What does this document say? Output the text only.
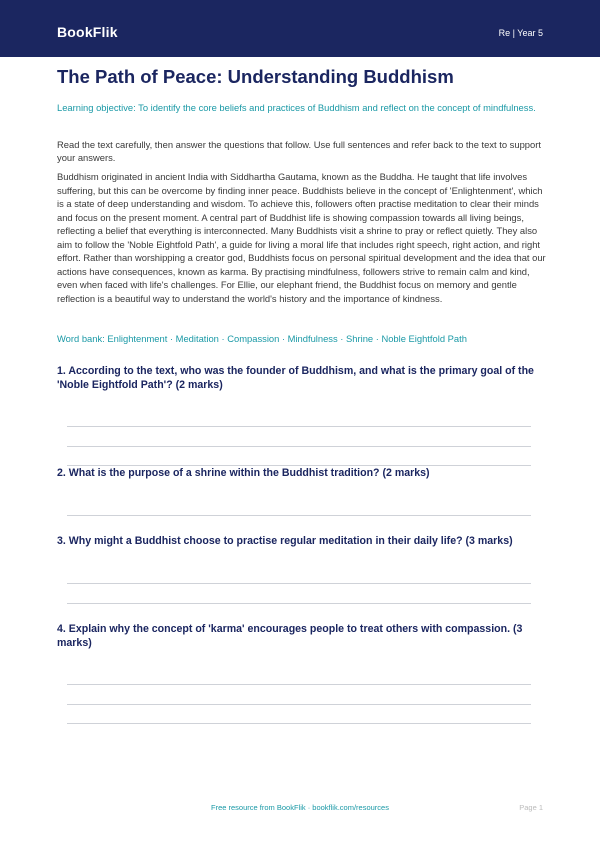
BookFlik	Re | Year 5
The Path of Peace: Understanding Buddhism

Learning objective: To identify the core beliefs and practices of Buddhism and reflect on the concept of mindfulness.

Read the text carefully, then answer the questions that follow. Use full sentences and refer back to the text to support your answers.

Buddhism originated in ancient India with Siddhartha Gautama, known as the Buddha. He taught that life involves suffering, but this can be overcome by finding inner peace. Buddhists believe in the concept of 'Enlightenment', which is a state of deep understanding and wisdom. To achieve this, followers often practise meditation to clear their minds and focus on the present moment. A central part of Buddhist life is showing compassion towards all living beings, reflecting a belief that everything is interconnected. Many Buddhists visit a shrine to pray or reflect quietly. They also aim to follow the 'Noble Eightfold Path', a guide for living a moral life that includes right speech, right action, and right effort. Rather than worshipping a creator god, Buddhists focus on personal spiritual development and the idea that our actions have consequences, known as karma. By practising mindfulness, followers strive to remain calm and kind, even when faced with life's challenges. For Ellie, our elephant friend, the Buddhist focus on memory and gentle reflection is a beautiful way to understand the world's history and the importance of kindness.

Word bank: Enlightenment · Meditation · Compassion · Mindfulness · Shrine · Noble Eightfold Path

1. According to the text, who was the founder of Buddhism, and what is the primary goal of the 'Noble Eightfold Path'? (2 marks)

2. What is the purpose of a shrine within the Buddhist tradition? (2 marks)

3. Why might a Buddhist choose to practise regular meditation in their daily life? (3 marks)

4. Explain why the concept of 'karma' encourages people to treat others with compassion. (3 marks)

Free resource from BookFlik · bookflik.com/resources	Page 1
